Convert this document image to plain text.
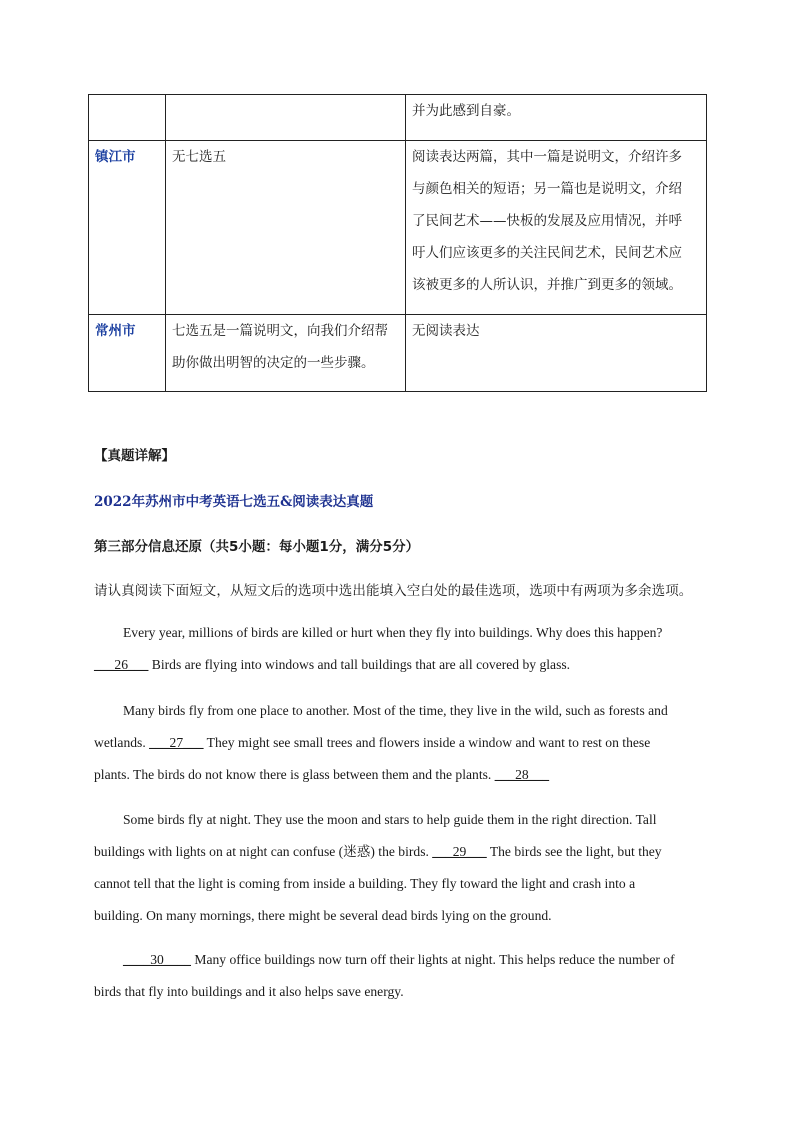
		并为此感到自豪。
镇江市	无七选五	阅读表达两篇，其中一篇是说明文，介绍许多
与颜色相关的短语；另一篇也是说明文，介绍
了民间艺术——快板的发展及应用情况，并呼
吁人们应该更多的关注民间艺术，民间艺术应
该被更多的人所认识，并推广到更多的领域。

常州市	七选五是一篇说明文，向我们介绍帮
助你做出明智的决定的一些步骤。	无阅读表达
【真题详解】
2022年苏州市中考英语七选五&阅读表达真题
第三部分信息还原（共5小题：每小题1分，满分5分）
请认真阅读下面短文，从短文后的选项中选出能填入空白处的最佳选项，选项中有两项为多余选项。
Every year, millions of birds are killed or hurt when they fly into buildings. Why does this happen?
___26___ Birds are flying into windows and tall buildings that are all covered by glass.
Many birds fly from one place to another. Most of the time, they live in the wild, such as forests and
wetlands. ___27___ They might see small trees and flowers inside a window and want to rest on these
plants. The birds do not know there is glass between them and the plants. ___28___
Some birds fly at night. They use the moon and stars to help guide them in the right direction. Tall
buildings with lights on at night can confuse (迷惑) the birds. ___29___ The birds see the light, but they
cannot tell that the light is coming from inside a building. They fly toward the light and crash into a
building. On many mornings, there might be several dead birds lying on the ground.
____30____ Many office buildings now turn off their lights at night. This helps reduce the number of
birds that fly into buildings and it also helps save energy.
